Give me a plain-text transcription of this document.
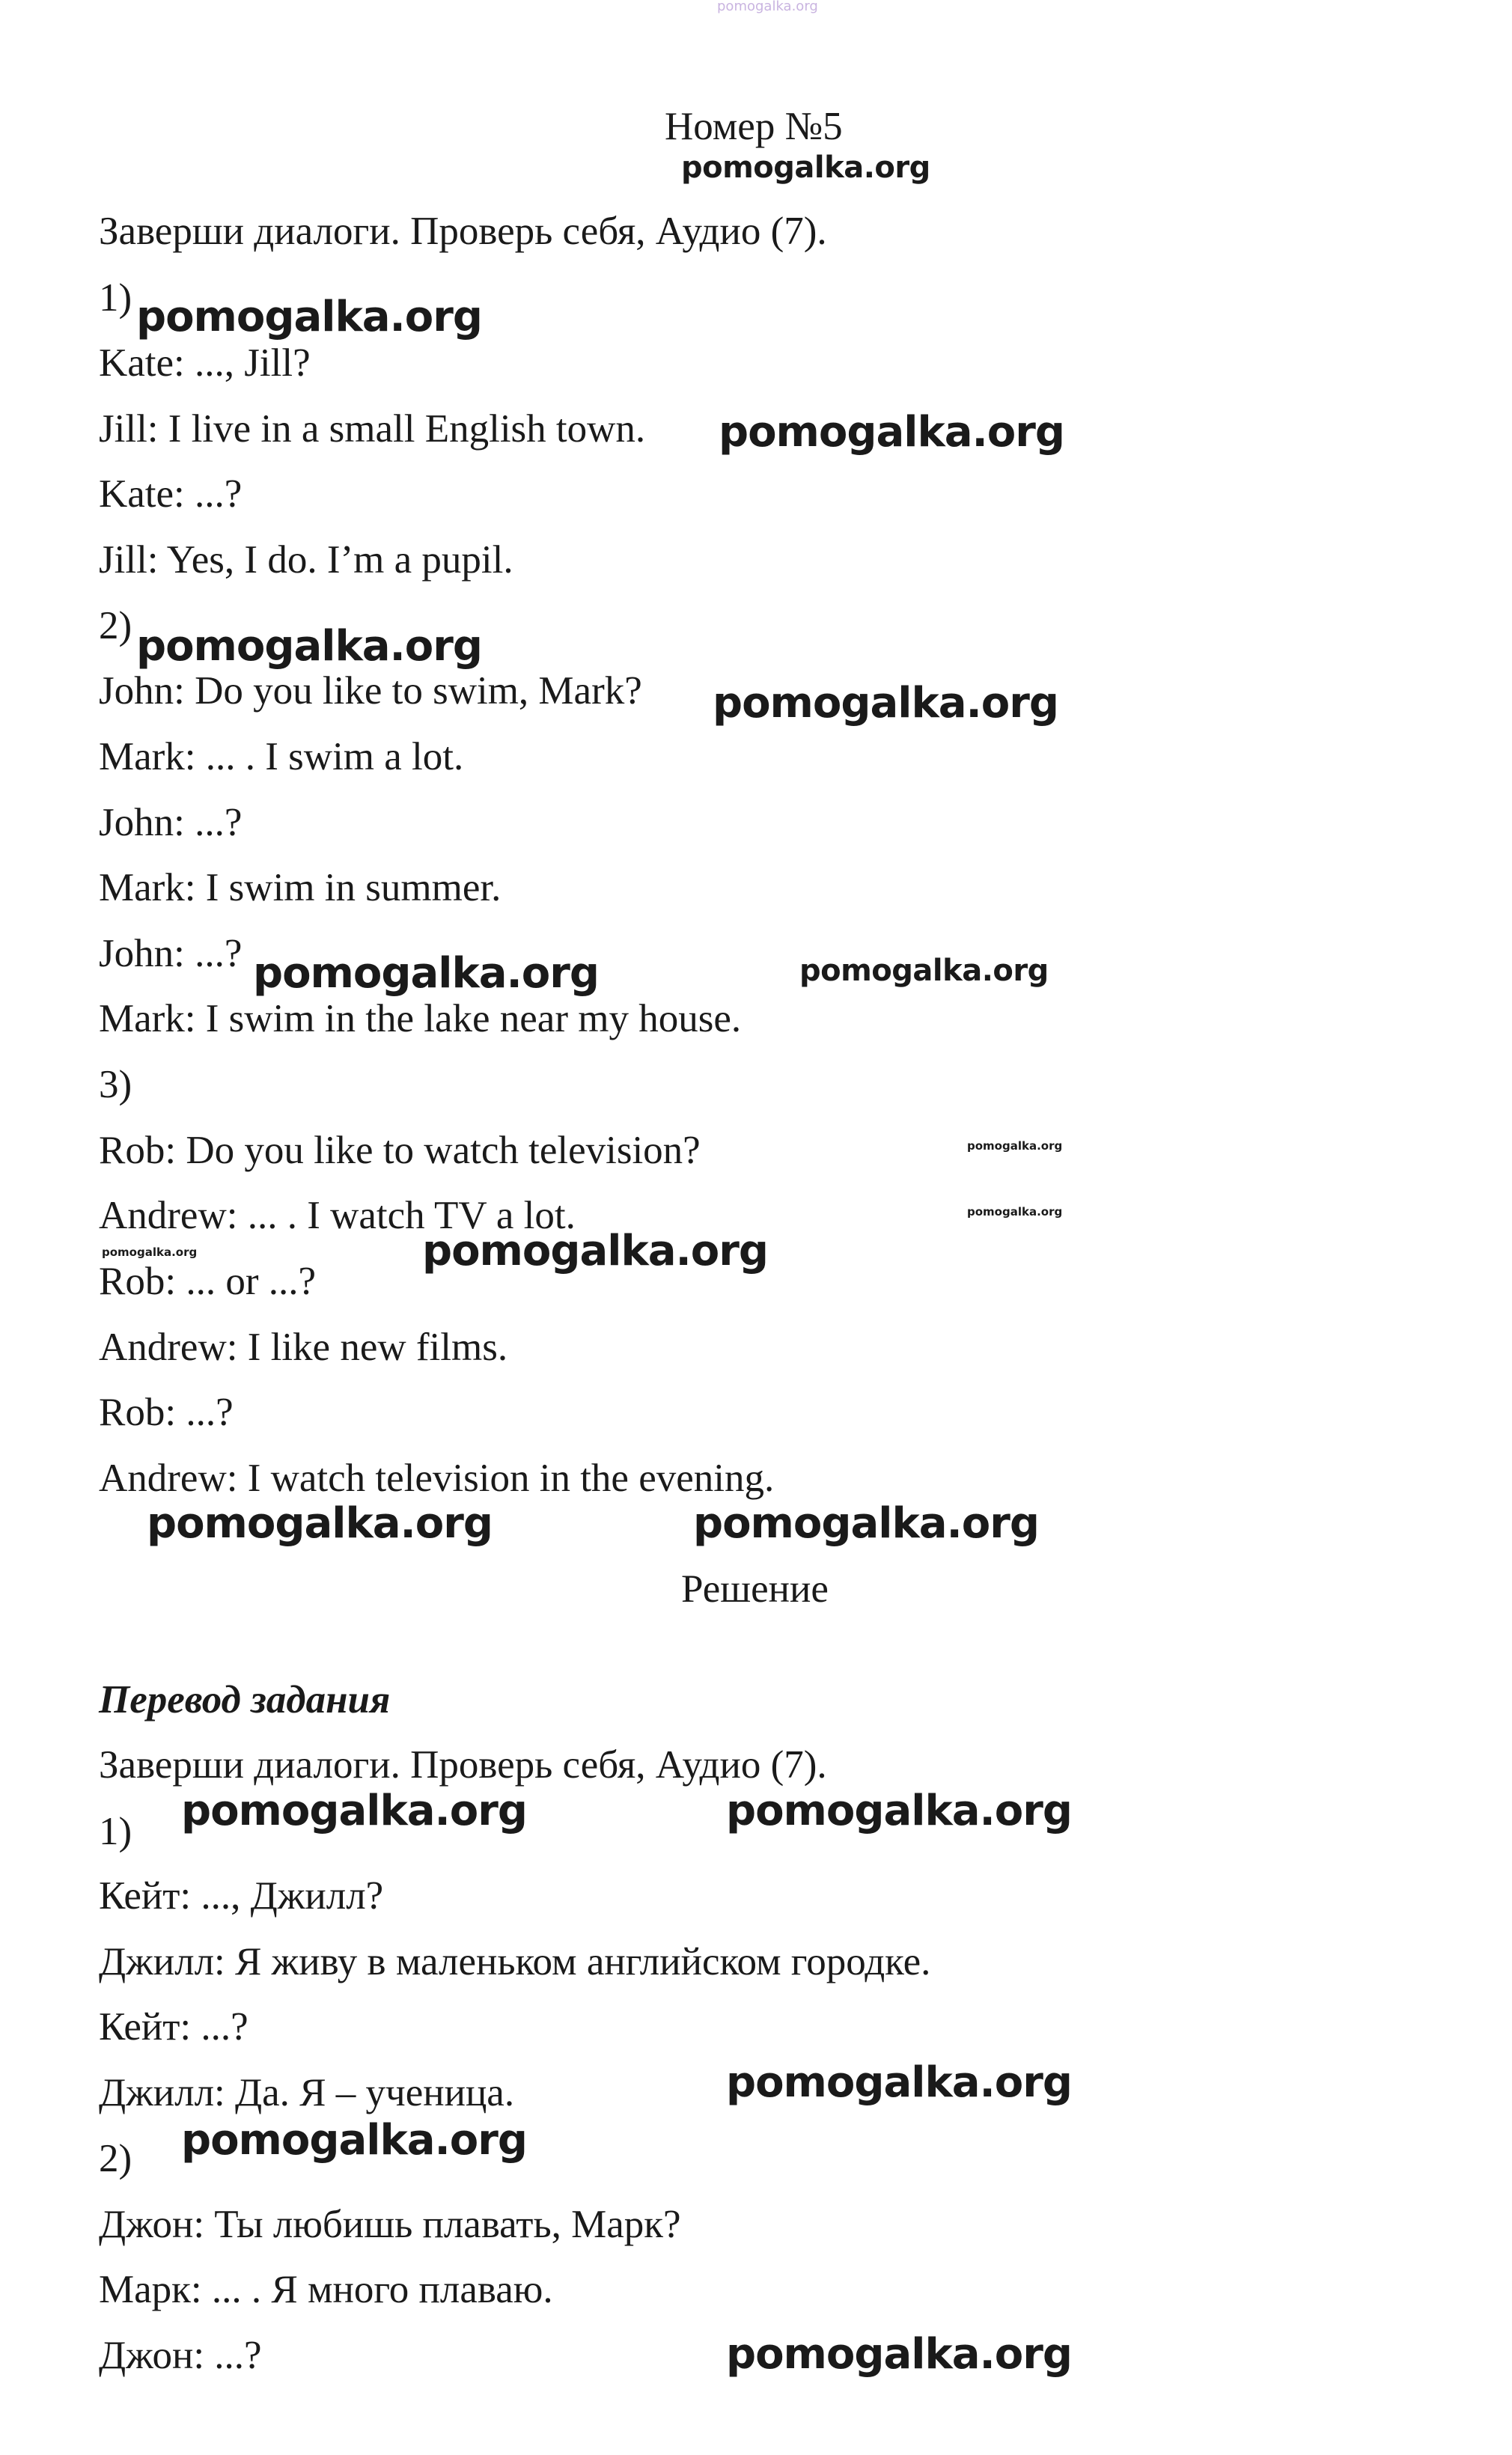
pomogalka.org
Номер №5
pomogalka.org
Заверши диалоги. Проверь себя, Аудио (7).
1) pomogalka.org
Kate: ..., Jill?
Jill: I live in a small English town. pomogalka.org
Kate: ...?
Jill: Yes, I do. I’m a pupil.
2) pomogalka.org
John: Do you like to swim, Mark? pomogalka.org
Mark: ... . I swim a lot.
John: ...?
Mark: I swim in summer.
John: ...? pomogalka.org	pomogalka.org
Mark: I swim in the lake near my house.
3)
Rob: Do you like to watch television?	pomogalka.org
Andrew: ... . I watch TV a lot.	pomogalka.org
pomogalka.org	pomogalka.org
Rob: ... or ...?
Andrew: I like new films.
Rob: ...?
Andrew: I watch television in the evening.
pomogalka.org	pomogalka.org
Решение
Перевод задания
Заверши диалоги. Проверь себя, Аудио (7).
pomogalka.org	pomogalka.org
1)
Кейт: ..., Джилл?
Джилл: Я живу в маленьком английском городке.
Кейт: ...?
pomogalka.org
Джилл: Да. Я – ученица.
pomogalka.org
2)
Джон: Ты любишь плавать, Марк?
Марк: ... . Я много плаваю.
Джон: ...?	pomogalka.org
